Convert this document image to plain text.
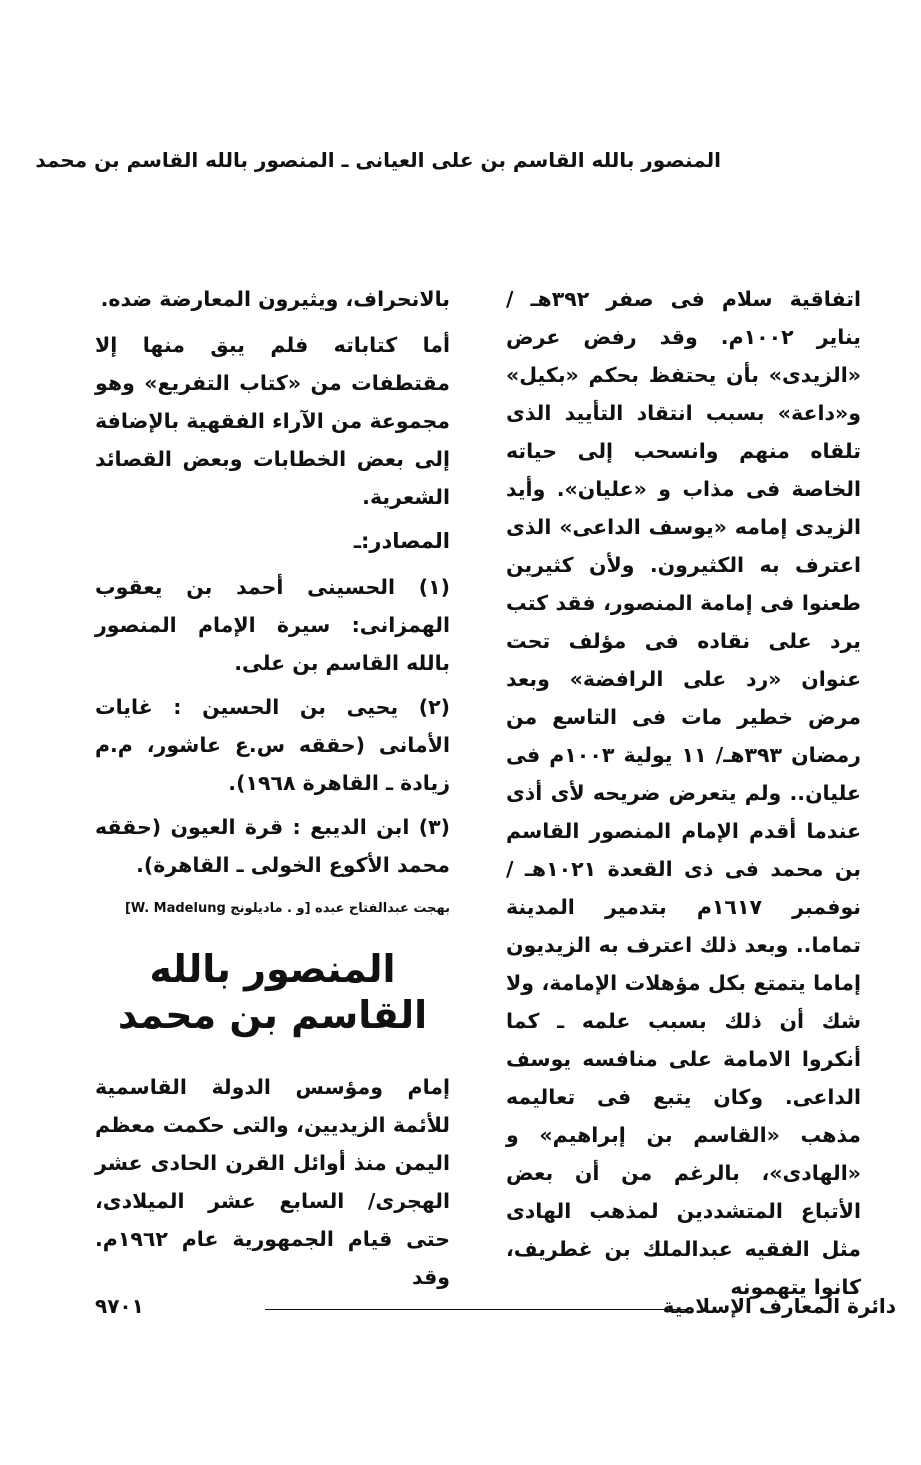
المنصور بالله القاسم بن على العيانى ـ المنصور بالله القاسم بن محمد

اتفاقية سلام فى صفر ٣٩٢هـ / يناير ١٠٠٢م. وقد رفض عرض «الزيدى» بأن يحتفظ بحكم «بكيل» و«داعة» بسبب انتقاد التأييد الذى تلقاه منهم وانسحب إلى حياته الخاصة فى مذاب و «عليان». وأيد الزيدى إمامه «يوسف الداعى» الذى اعترف به الكثيرون. ولأن كثيرين طعنوا فى إمامة المنصور، فقد كتب يرد على نقاده فى مؤلف تحت عنوان «رد على الرافضة» وبعد مرض خطير مات فى التاسع من رمضان ٣٩٣هـ/ ١١ يولية ١٠٠٣م فى عليان.. ولم يتعرض ضريحه لأى أذى عندما أقدم الإمام المنصور القاسم بن محمد فى ذى القعدة ١٠٢١هـ / نوفمبر ١٦١٧م بتدمير المدينة تماما.. وبعد ذلك اعترف به الزيديون إماما يتمتع بكل مؤهلات الإمامة، ولا شك أن ذلك بسبب علمه ـ كما أنكروا الامامة على منافسه يوسف الداعى. وكان يتبع فى تعاليمه مذهب «القاسم بن إبراهيم» و «الهادى»، بالرغم من أن بعض الأتباع المتشددين لمذهب الهادى مثل الفقيه عبدالملك بن غطريف، كانوا يتهمونه

بالانحراف، ويثيرون المعارضة ضده.

أما كتاباته فلم يبق منها إلا مقتطفات من «كتاب التفريع» وهو مجموعة من الآراء الفقهية بالإضافة إلى بعض الخطابات وبعض القصائد الشعرية.

المصادر:ـ

(١) الحسينى أحمد بن يعقوب الهمزانى: سيرة الإمام المنصور بالله القاسم بن على.

(٢) يحيى بن الحسين : غايات الأمانى (حققه س.ع عاشور، م.م زيادة ـ القاهرة ١٩٦٨).

(٣) ابن الديبع : قرة العيون (حققه محمد الأكوع الخولى ـ القاهرة).

بهجت عبدالفتاح عبده [و . ماديلونج W. Madelung]

المنصور بالله القاسم بن محمد

إمام ومؤسس الدولة القاسمية للأئمة الزيديين، والتى حكمت معظم اليمن منذ أوائل القرن الحادى عشر الهجرى/ السابع عشر الميلادى، حتى قيام الجمهورية عام ١٩٦٢م. وقد

دائرة المعارف الإسلامية
٩٧٠١
